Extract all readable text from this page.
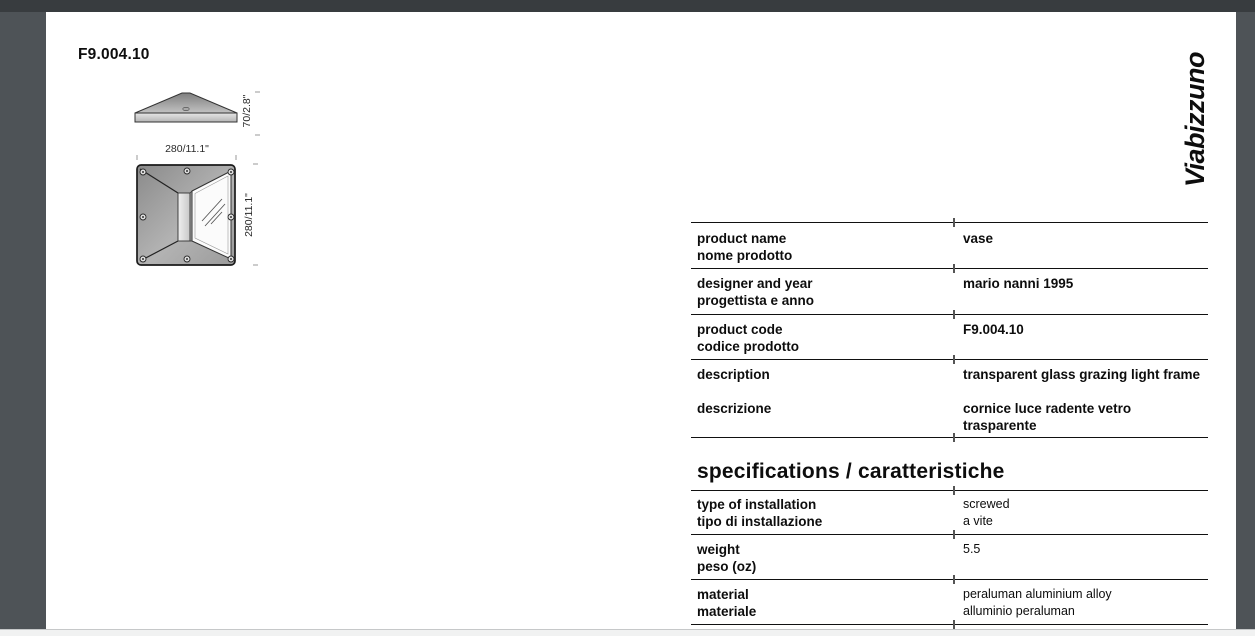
F9.004.10	Viabizzuno
70/2.8"
280/11.1"
280/11.1"
product name
nome prodotto
vase
designer and year
progettista e anno
mario nanni 1995
product code
codice prodotto
F9.004.10
description
descrizione
transparent glass grazing light frame
cornice luce radente vetro trasparente
specifications / caratteristiche
type of installation
tipo di installazione
screwed
a vite
weight
peso (oz)
5.5
material
materiale
peraluman aluminium alloy
alluminio peraluman
